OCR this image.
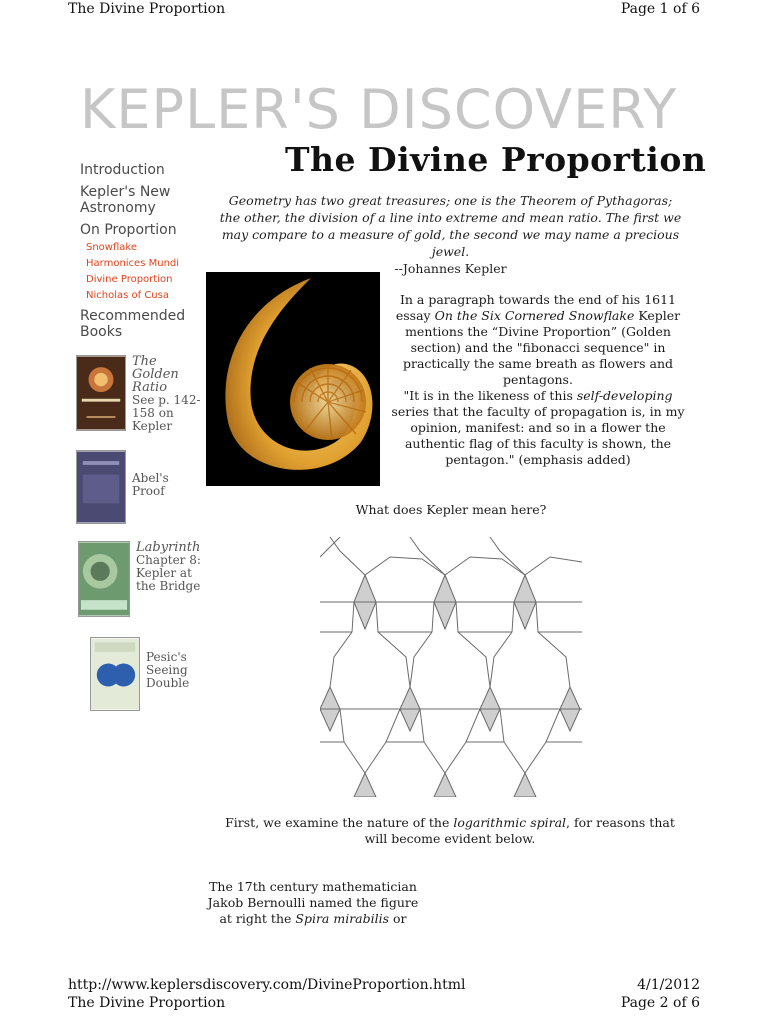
The Divine Proportion	Page 1 of 6
KEPLER'S DISCOVERY
The Divine Proportion
Introduction
Kepler's New Astronomy
On Proportion
Snowflake
Harmonices Mundi
Divine Proportion
Nicholas of Cusa
Recommended Books
The Golden Ratio
See p. 142-158 on Kepler
Abel's Proof
Labyrinth
Chapter 8: Kepler at the Bridge
Pesic's Seeing Double
Geometry has two great treasures; one is the Theorem of Pythagoras; the other, the division of a line into extreme and mean ratio. The first we may compare to a measure of gold, the second we may name a precious jewel.
--Johannes Kepler
In a paragraph towards the end of his 1611 essay On the Six Cornered Snowflake Kepler mentions the “Divine Proportion” (Golden section) and the "fibonacci sequence" in practically the same breath as flowers and pentagons.
"It is in the likeness of this self-developing series that the faculty of propagation is, in my opinion, manifest: and so in a flower the authentic flag of this faculty is shown, the pentagon." (emphasis added)
What does Kepler mean here?
First, we examine the nature of the logarithmic spiral, for reasons that will become evident below.
The 17th century mathematician Jakob Bernoulli named the figure at right the Spira mirabilis or
http://www.keplersdiscovery.com/DivineProportion.html	4/1/2012
The Divine Proportion	Page 2 of 6
